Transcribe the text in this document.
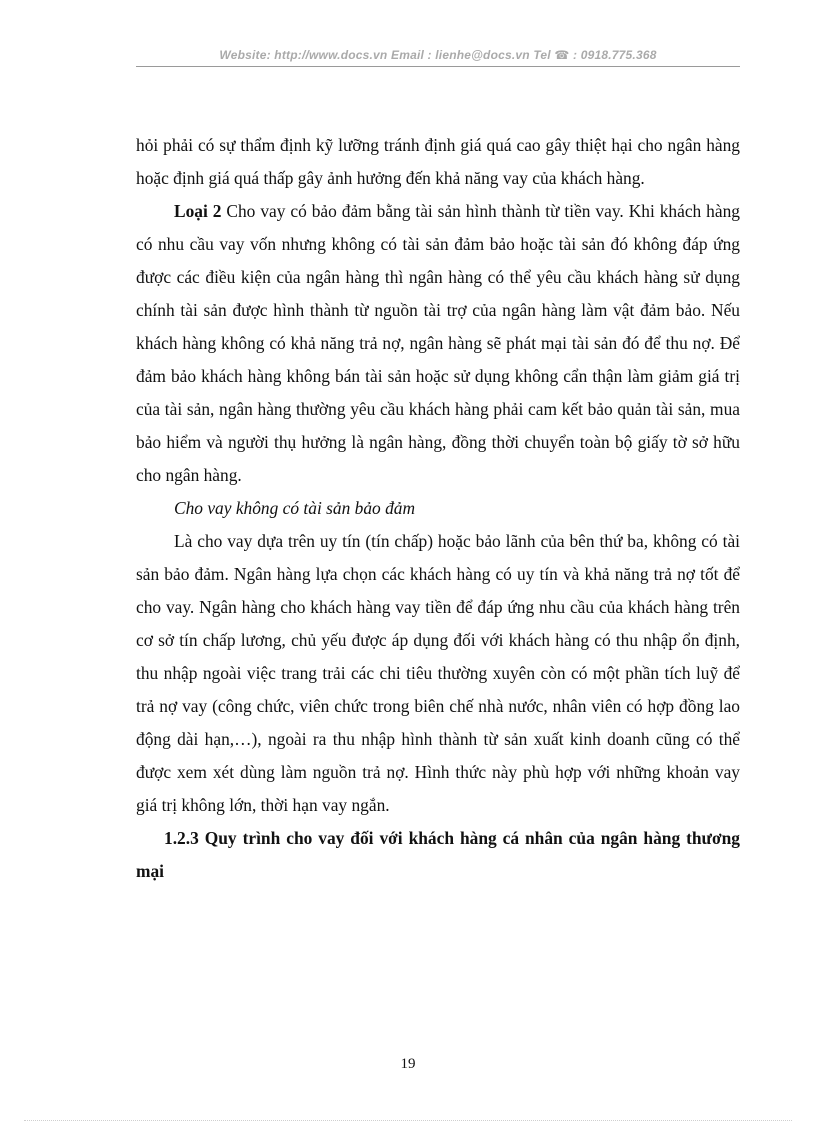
Website: http://www.docs.vn Email : lienhe@docs.vn Tel ☎ : 0918.775.368

hỏi phải có sự thẩm định kỹ lưỡng tránh định giá quá cao gây thiệt hại cho ngân hàng hoặc định giá quá thấp gây ảnh hưởng đến khả năng vay của khách hàng.

Loại 2 Cho vay có bảo đảm bằng tài sản hình thành từ tiền vay. Khi khách hàng có nhu cầu vay vốn nhưng không có tài sản đảm bảo hoặc tài sản đó không đáp ứng được các điều kiện của ngân hàng thì ngân hàng có thể yêu cầu khách hàng sử dụng chính tài sản được hình thành từ nguồn tài trợ của ngân hàng làm vật đảm bảo. Nếu khách hàng không có khả năng trả nợ, ngân hàng sẽ phát mại tài sản đó để thu nợ. Để đảm bảo khách hàng không bán tài sản hoặc sử dụng không cẩn thận làm giảm giá trị của tài sản, ngân hàng thường yêu cầu khách hàng phải cam kết bảo quản tài sản, mua bảo hiểm và người thụ hưởng là ngân hàng, đồng thời chuyển toàn bộ giấy tờ sở hữu cho ngân hàng.

Cho vay không có tài sản bảo đảm

Là cho vay dựa trên uy tín (tín chấp) hoặc bảo lãnh của bên thứ ba, không có tài sản bảo đảm. Ngân hàng lựa chọn các khách hàng có uy tín và khả năng trả nợ tốt để cho vay. Ngân hàng cho khách hàng vay tiền để đáp ứng nhu cầu của khách hàng trên cơ sở tín chấp lương, chủ yếu được áp dụng đối với khách hàng có thu nhập ổn định, thu nhập ngoài việc trang trải các chi tiêu thường xuyên còn có một phần tích luỹ để trả nợ vay (công chức, viên chức trong biên chế nhà nước, nhân viên có hợp đồng lao động dài hạn,…), ngoài ra thu nhập hình thành từ sản xuất kinh doanh cũng có thể được xem xét dùng làm nguồn trả nợ. Hình thức này phù hợp với những khoản vay giá trị không lớn, thời hạn vay ngắn.

1.2.3 Quy trình cho vay đối với khách hàng cá nhân của ngân hàng thương mại

19
